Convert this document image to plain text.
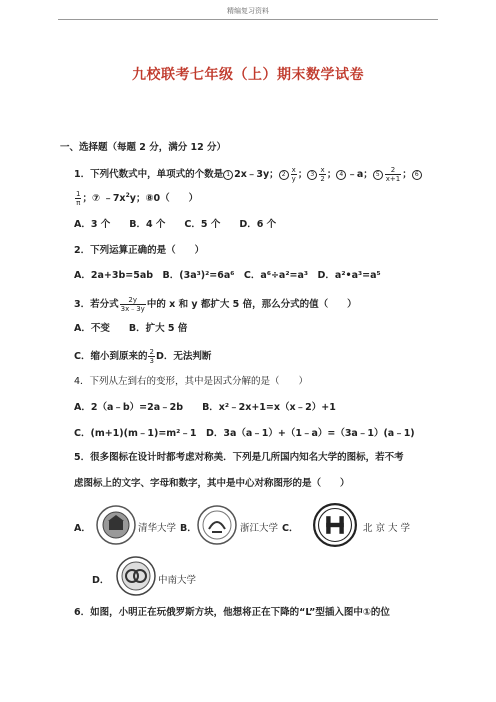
精编复习资料
九校联考七年级（上）期末数学试卷
一、选择题（每题 2 分，满分 12 分）
1．下列代数式中，单项式的个数是 1 2x﹣3y； $2 \frac{x}{y}$ ； $3 \frac{x}{2}$ ； 4 ﹣a； $5 \frac{2}{x+1}$ ； 6
$\frac{1}{\pi}$ ；⑦ $﹣7x^2y$；⑧0（　　）
A．3 个　　B．4 个　　C．5 个　　D．6 个
2．下列运算正确的是（　　）
A．2a+3b=5ab　B．(3a³)²=6a⁶　C．a⁶÷a²=a³　D．a²•a³=a⁵
3．若分式 $\frac{2y}{3x﹣3y}$ 中的 x 和 y 都扩大 5 倍，那么分式的值（　　）
A．不变　　B．扩大 5 倍
C．缩小到原来的 $\frac{2}{3}$ D．无法判断
4．下列从左到右的变形，其中是因式分解的是（　　）
A．2（a﹣b）=2a﹣2b　　B．x²﹣2x+1=x（x﹣2）+1
C．(m+1)(m﹣1)=m²﹣1　D．3a（a﹣1）+（1﹣a）=（3a﹣1）(a﹣1)
5．很多图标在设计时都考虑对称美．下列是几所国内知名大学的图标，若不考
虑图标上的文字、字母和数字，其中是中心对称图形的是（　　）
A．	清华大学 B．	浙江大学 C．	北 京 大 学
D．	中南大学
6．如图，小明正在玩俄罗斯方块，他想将正在下降的“L”型插入图中①的位
